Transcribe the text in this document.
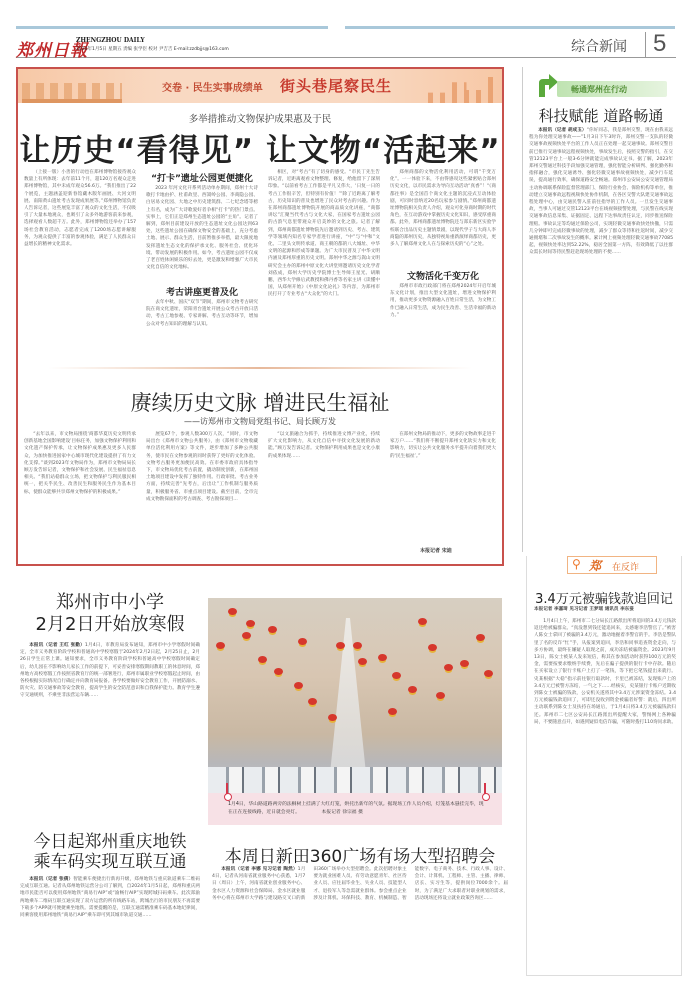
郑州日報
ZHENGZHOU DAILY
2024年1月5日 星期五 责编 张学臣 校对 尹吉吉 E-mail:zzdbjjs@163.com	综合新闻 5
交卷 · 民生实事成绩单 街头巷尾察民生
多举措推动文物保护成果惠及于民
让历史“看得见” 让文物“活起来”

（上接一版）小善的行动也在郑州博物馆接待观众数量上有所体现：去年前11个月，超120万名观众走进郑州博物馆，其中未成年观众56.6万。“我们推出了22个展览，主题涵盖迎新春馆藏木版年画展、大河文明展、南阳黄山遗址考古发现成果展等。”郑州博物馆负责人告诉记者，这些展览丰富了观众的文化生活，不仅吸引了大量本地观众，也吸引了众多外地游客前来参观，选择观看人数超千万。此外，郑州博物馆还举办了157场社会教育活动，志愿者完成了1200场志愿讲解服务，为观众提供了丰富的参观体验，满足了人民群众日益增长的精神文化需求。

“打卡”遗址公园更便捷化

2023 年河文化开系列活动单办期间，郑州十大诗歌打卡地由护、杜甫故里、西嵩岭公园、李商隐公园、白居易文化园、大地之中历史建筑群、二七纪念塔等榜上有名，成为广大诗歌爱好者争相“打卡”的热门景点。实事上，它们正是郑州生态遗址公园的“主角”。记者了解到，郑州目前建设开放的生态遗址文化公园达到63处，这些遗址公园在确保文物安全的基础上，充分考虑土地、展示、群众生活，目前暂推多举措，最大限度地发挥遗址生态文化的保护承文化、服务社会、优化环境、带动发展的积极作用。如今，考古遗址公园不仅成了老百姓休闲娱乐的好去处，更是激发和增强广大市民文化自信的文化地标。

考古讲座更普及化

去年中秋、国庆“双节”期间，郑州市文物考古研究院在商文化遗址，荥阳青台遗址开展公众考古开放日活动，考古工地参观、专家讲解、考古互动等环节，增加公众对考古知识的理解与认知。

相区，对“考古”有了切身的感受。“市民丁先生告诉记者，近距离观看文物整理、修复，给他留下了深刻印象。“以前看考古工作都是平凡又伟大，‘日复一日的考古工作很辛苦，但特别有价值！’”除了近距离了解考古，历史知识的普及也增进了民众对考古的兴趣。作为在郑州商都遗址博物院开展的商品质文化讲座，“商都讲坛”汇聚当代考古与文化大家，在国家考古遗址公园的古韵气息里带观众开启美妙的文化之旅。记者了解到，郑州商都遗址博物院先后邀请到历史、考古、建筑学等领域内知名专家学者进行讲座，“中”与“中和”文化、二里头文明传承道、商王朝的都的八大城址、中华文明的起源和形成等课题。为广大市民普及了中华文明内涵及郑州厚重的历史文明。郑州中华之源与嵩山文明研究会主办的郑州中原文化大讲堂则邀请历史文化学者刘依成，郑州大学历史学院博士生导师王星光、胡顺鹏，西华大学修后武教授和佛丹香等名家主讲《读懂中国，从郑州开始》《中原文化论礼》等内容，为郑州市民打开了专业考古“大众化”的大门。

郑州商都的文物活化利用活动，可谓“千变万化”。一一体验下来，不由得感叹这些紧密贴合郑州历史文化，以市民需求为导向互动活动“真香”！“《商都往事》是全国首个商文化主题的沉浸式互动体验剧，可同时容纳近20名玩家参与剧情。”郑州商都遗址博物院相关负责人介绍，观众可化身商时期的时代角色，在互动游戏中掌握历史文化知识，感受厚重商都。此外，郑州商都遗址博物院还与郑东新区实验学校联合出品历史主题情景剧，以现代学子与大商人李商隐的郑州历史，从独特视角重新演绎商都历史，更多人了解郑州文化人在与探索历史的“心”之处。

文物活化千变万化

郑州市市政行政部门将在郑州2024年开启年城东文化计划，推出大型文化遗址，增进文物保护利用，推动更多文物资源融入百姓日常生活，为文物工作已融入日常生活，成为民生改善、生活幸福的新动力。”

赓续历史文脉 增进民生福祉
——访郑州市文物局党组书记、局长顾万发

“去年以来，市文物局围绕‘商都华夏历史文明传承创新基地全国影响建设’目标任务，加强文物保护利用和文化遗产保护传承，让文物保护成果惠及更多人民群众，为加快推进国家中心城市现代化建设提供了有力文化支撑。”谈到2023年文物局作为，郑州市文物局局长顾万发告诉记者，文物保护和社会发展、民生福祉息息相关。“我们站稳群众立场，把文物保护与利民服民相统一，把关乎民生、改善民生和服务民生作为基本目标，使群众能够共享郑州文物保护的积极成果。”

展览67个，参观人数300万人次，“同时，市文物局出台《郑州市文物公共服务》，由《郑州市文物收藏单位活化利用方案》等文件，逐步增加了多种公共服务，使市民在文物参观的同时获得了更好的文化体验。文物考古服务更加便民高效。在市委市政府具体指导下，市文物局优化考古前置，撬动制度创新，在郑州国土地项目建设中发挥了独特作用。行政审批、考古业务方面，持续完善“先考古，后出让”工作机制与服务质量，积极服务省、市重点项目建设。截至目前，全市完成文物勘探面积的考古调查、考古勘探项目…

“以文旅融合为抓手，持续推进文博产业化，持续扩大文化影响力，从文化自信中寻找文化发展的新动能。”顾万发告诉记者。文物保护利用成果也是文化小康的成果体现……

在郑州文物局的推动下，更多的文物故事走进千家万户……“我们将不断提升郑州文化软实力和文化影响力，切实让公共文化服务水平提升向着我们更大的‘民生福祉’。”

本报记者 宋迪
畅通郑州在行动
科技赋能 道路畅通

本报讯（记者 胡成玉）“你好同志，我是郑州交警，现在由我来远程为你处理交通事故——”1月3日下午3时许，郑州交警一支队的轻微交通事故视频快处平台的工作人员正在处理一起交通事故。郑州交警目前已推行交通事故远程视频快处，事故发生后，按照交警的指引，在交管12123平台上一般3-6分钟就能完成事故认定书。据了解，2023年郑州交警通过科技手段加强交通管理，强化智能分析研判、强化勤务和指挥融合，强化交通诱导、强化轻微交通事故视频快处，减少行车延误，提高通行效率，确保道路安全畅通。郑州市公安局公安交通管理局主动协调联系保险监督管理部门、保险行业协会、保险机构等单位，推动建立交通事故远程视频快处协作机制，在各区交警大队建交通事故远程处理中心，由交通民警入驻前往指导的工作人员。一旦发生交通事故，当事人可通过交管12123平台在线视频接警处理，与民警在线实现交通事故信息采集、证据固定、远程下达事故责任认定，同步推送保险理赔。事故认定等均通过保险公司，实现轻微交通事故快处快撤，只需几分钟即可完成轻微事故的处理，减少了群众等待和往返时间，减少交通拥堵和二次事故发生的概率。累计网上视频处理轻微交通事故77085起，视频快处率达到52.22%，稳居全国第一方阵，有效降低了以往群众需长时间等待民警赶赴现场处理的不便……

郑州市中小学
2月2日开始放寒假

本报讯（记者 王红 张勤）1月4日，市教育局发布通知，郑州市中小学寒假时间确定，全市义务教育阶段学校和普通高中学校寒假于2024年2月2日起，2月25日止，2月26日学生正常上课。通知要求，全市义务教育阶段学校和普通高中学校寒假时间确定后，幼儿园在不影响幼儿家长工作的前提下，可妥善安排寒假期间教职工的休息时间，郑州地方高校寒假工作按照省教育厅的统一部署进行，郑州市属职业学校寒假起止时间，由各校根据实际情况自行确定并向教育局报备。各学校要做好安全教育工作，开展防溺水、防火灾、防交通事故等安全教育，提高学生的安全防范意识和自我保护能力。教育学生遵守交通规则，不乘坐非法营运车辆……

今日起郑州重庆地铁
乘车码实现互联互通

本报讯（记者 张倩）智能乘车便捷出行新再升级，郑州地铁与重庆轨道乘车二维码完成互联互通。记者从郑州地铁运营分公司了解到，自2024年1月5日起，郑州和重庆两地市民能否可以使用郑州地铁“商易行AIP”或“渝畅行AIP”实现跨城扫码乘车。此次郑渝两地乘车二维码互联互通实现了双方运营的所有线路车站，跨城出行的市民朋友不再需要下载多个APP就可便捷乘坐地铁。需要提醒的是，互联互通需精准乘车码基本地纪律间，同乘客使用郑州地铁“商易行AIP”乘车即可到其城市轨道交通……

1月4日，华山路道路两旁的法桐树上挂满了大红灯笼，烘托出新年的气氛。据现场工作人员介绍，灯笼基本悬挂完毕，现在正在连接线路，近日就会亮灯。	本报记者 徐宗福 摄
本周日新田360广场有场大型招聘会

本报讯（记者 李娜 见习记者 陶然）1月4日，记者从河南省就业服务中心获悉，1月7日（周日）上午，河南省就业创业服务中心、金水区人力资源和社会保障局、金水区就业服务中心将在郑州市大学路与建设路交叉口的新田360广场举办大型招聘会。此次招聘对象主要为就业困难人员、有劳动意愿青年、社区待业人员、应往届毕业生、失业人员、技能型人才、退役军人等急需就业群体。参会重点企业涉及计算机、环保科技、教育、机械制造、智能数字、电子商务、技术、行政人事、设计、会计、计算机、工程师、主管、主播、律师、店长、实习生等，提供岗位7000余个。届时，为了满足广大求职者对职业规划的需求，活动现场还将设立就业政策咨询区……

⚲ 郑 在反诈
3.4万元被骗钱款追回记
本报记者 李嘉琦 见习记者 王梦瑶 通讯员 李东蚕

1月4日上午，郑州市二七分局长江路派出所将追回的3.4万元钱款返还给被骗群众。“真没想到钱还能追回来，太感谢李浩警官了。”被害人陈女士拿回了被骗的3.4万元，激动地握着李警官的手。李浩是警队里了名的反诈“忙”手，从报案到追回，李浩和同事追查资金走向，与多方协调，最终在嫌疑人取现之前，成功冻结被骗资金。2023年9月13日，陈女士被某人发来短信，称其在参加活动时获得100万元的奖金，需要按要求缴纳手续费，先后在骗子提供的银行卡中存款。随后在买家设立了银行卡账户上打了一笔钱，等下把它笔钱提出来就行。史某根据“大稳”指示前往银行取款时，卡里已被冻结，发现账户上的3.4万元已被警方冻结，一气之下……经核实，史某银行卡账户近期收到陈女士被骗的钱款，公安机关遂将其中3.4万元涉案资金冻结。3.4万元被骗钱款追回了，可即还没收到资金被骗者好警：就后，四出所主动联系到陈女士及扶持在场通后，于1月4日将3.4万元被骗钱款归还。郑州市二七区公安局长江路派出所提醒大家，警惕网上各种骗局，不要随意点开，如遇到疑似电信诈骗，可随时拨打110询问求助。
